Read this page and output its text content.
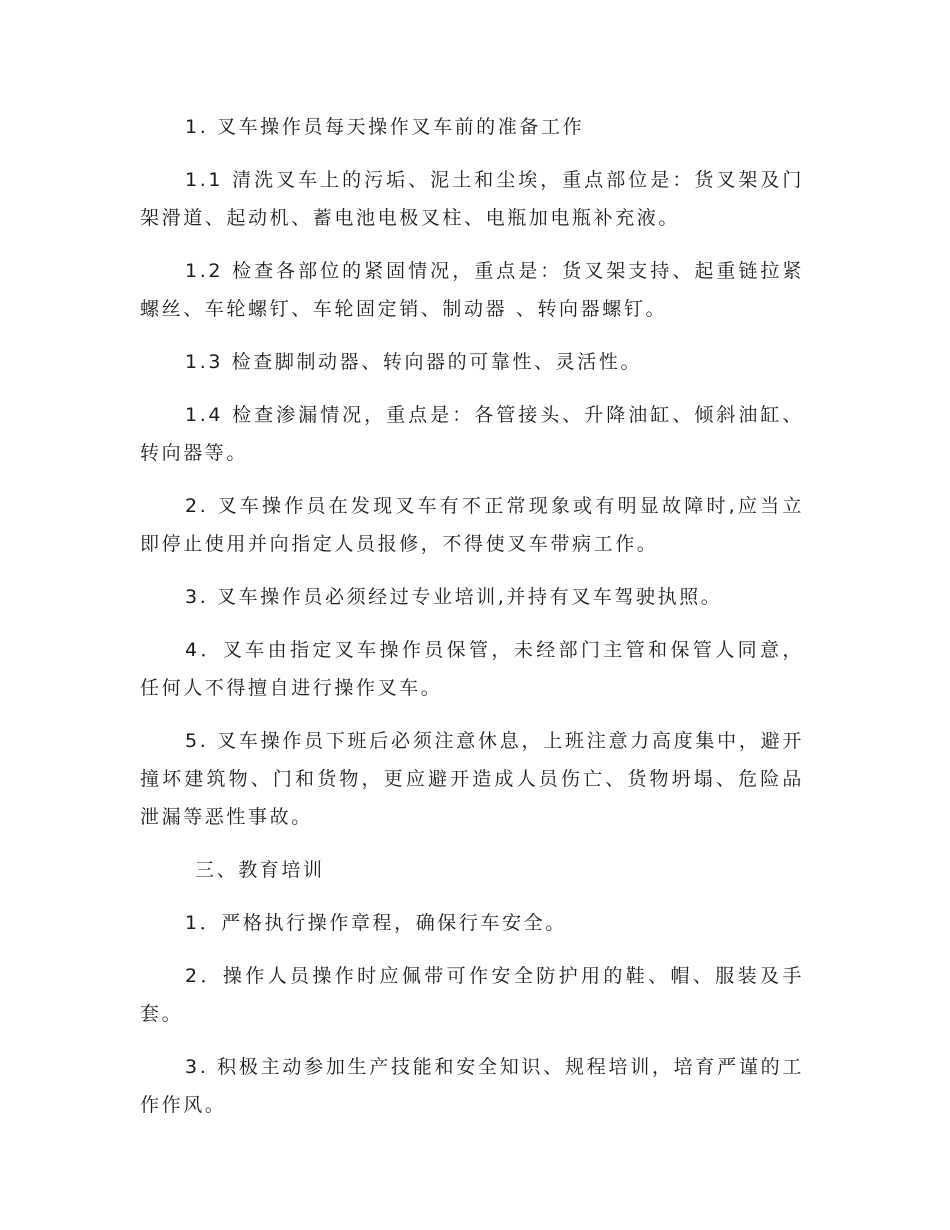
1. 叉车操作员每天操作叉车前的准备工作

1.1 清洗叉车上的污垢、泥土和尘埃，重点部位是：货叉架及门架滑道、起动机、蓄电池电极叉柱、电瓶加电瓶补充液。

1.2 检查各部位的紧固情况，重点是：货叉架支持、起重链拉紧螺丝、车轮螺钉、车轮固定销、制动器 、转向器螺钉。

1.3 检查脚制动器、转向器的可靠性、灵活性。

1.4 检查渗漏情况，重点是：各管接头、升降油缸、倾斜油缸、转向器等。

2. 叉车操作员在发现叉车有不正常现象或有明显故障时,应当立即停止使用并向指定人员报修，不得使叉车带病工作。

3. 叉车操作员必须经过专业培训,并持有叉车驾驶执照。

4．叉车由指定叉车操作员保管，未经部门主管和保管人同意，任何人不得擅自进行操作叉车。

5. 叉车操作员下班后必须注意休息，上班注意力高度集中，避开撞坏建筑物、门和货物，更应避开造成人员伤亡、货物坍塌、危险品泄漏等恶性事故。

三、教育培训

1．严格执行操作章程，确保行车安全。

2．操作人员操作时应佩带可作安全防护用的鞋、帽、服装及手套。

3. 积极主动参加生产技能和安全知识、规程培训，培育严谨的工作作风。
